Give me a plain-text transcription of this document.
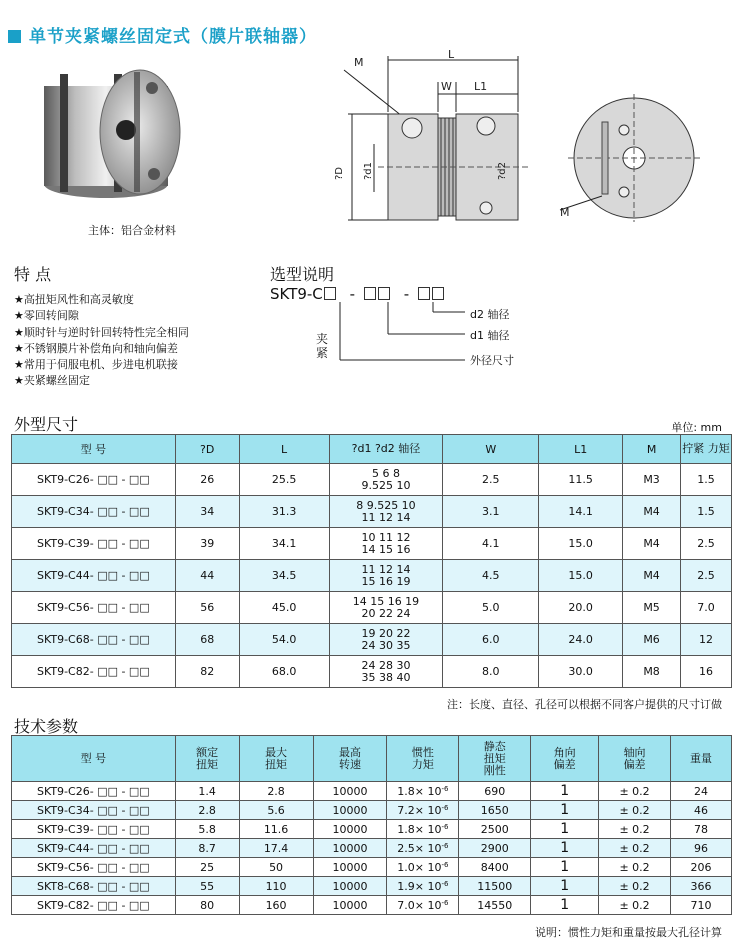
单节夹紧螺丝固定式（膜片联轴器）
主体：铝合金材料
M
L
W L1
?D ?d1	?d2
M
特 点
★高扭矩风性和高灵敏度
★零回转间隙
★顺时针与逆时针回转特性完全相同
★不锈钢膜片补偿角向和轴向偏差
★常用于伺服电机、步进电机联接
★夹紧螺丝固定
选型说明
SKT9-C -	-
d2 轴径
d1 轴径
外径尺寸
夹紧
外型尺寸	单位: mm
型 号	?D	L	?d1 ?d2 轴径	W	L1	M	拧紧 力矩

SKT9-C26- □□ - □□	26	25.5	5 6 8
9.525 10	2.5	11.5	M3	1.5
SKT9-C34- □□ - □□	34	31.3	8 9.525 10
11 12 14	3.1	14.1	M4	1.5
SKT9-C39- □□ - □□	39	34.1	10 11 12
14 15 16	4.1	15.0	M4	2.5
SKT9-C44- □□ - □□	44	34.5	11 12 14
15 16 19	4.5	15.0	M4	2.5
SKT9-C56- □□ - □□	56	45.0	14 15 16 19
20 22 24	5.0	20.0	M5	7.0
SKT9-C68- □□ - □□	68	54.0	19 20 22
24 30 35	6.0	24.0	M6	12
SKT9-C82- □□ - □□	82	68.0	24 28 30
35 38 40	8.0	30.0	M8	16
注：长度、直径、孔径可以根据不同客户提供的尺寸订做
技术参数
型 号	额定 扭矩	最大 扭矩	最高 转速	惯性 力矩	静态 扭矩 刚性	角向 偏差	轴向 偏差	重量
SKT9-C26- □□ - □□	1.4	2.8	10000	$1.8\times 10^{-6}$	690	1	± 0.2	24
SKT9-C34- □□ - □□	2.8	5.6	10000	$7.2\times 10^{-6}$	1650	1	± 0.2	46
SKT9-C39- □□ - □□	5.8	11.6	10000	$1.8\times 10^{-6}$	2500	1	± 0.2	78
SKT9-C44- □□ - □□	8.7	17.4	10000	$2.5\times 10^{-6}$	2900	1	± 0.2	96
SKT9-C56- □□ - □□	25	50	10000	$1.0\times 10^{-6}$	8400	1	± 0.2	206
SKT8-C68- □□ - □□	55	110	10000	$1.9\times 10^{-6}$	11500	1	± 0.2	366
SKT9-C82- □□ - □□	80	160	10000	$7.0\times 10^{-6}$	14550	1	± 0.2	710
说明：惯性力矩和重量按最大孔径计算
